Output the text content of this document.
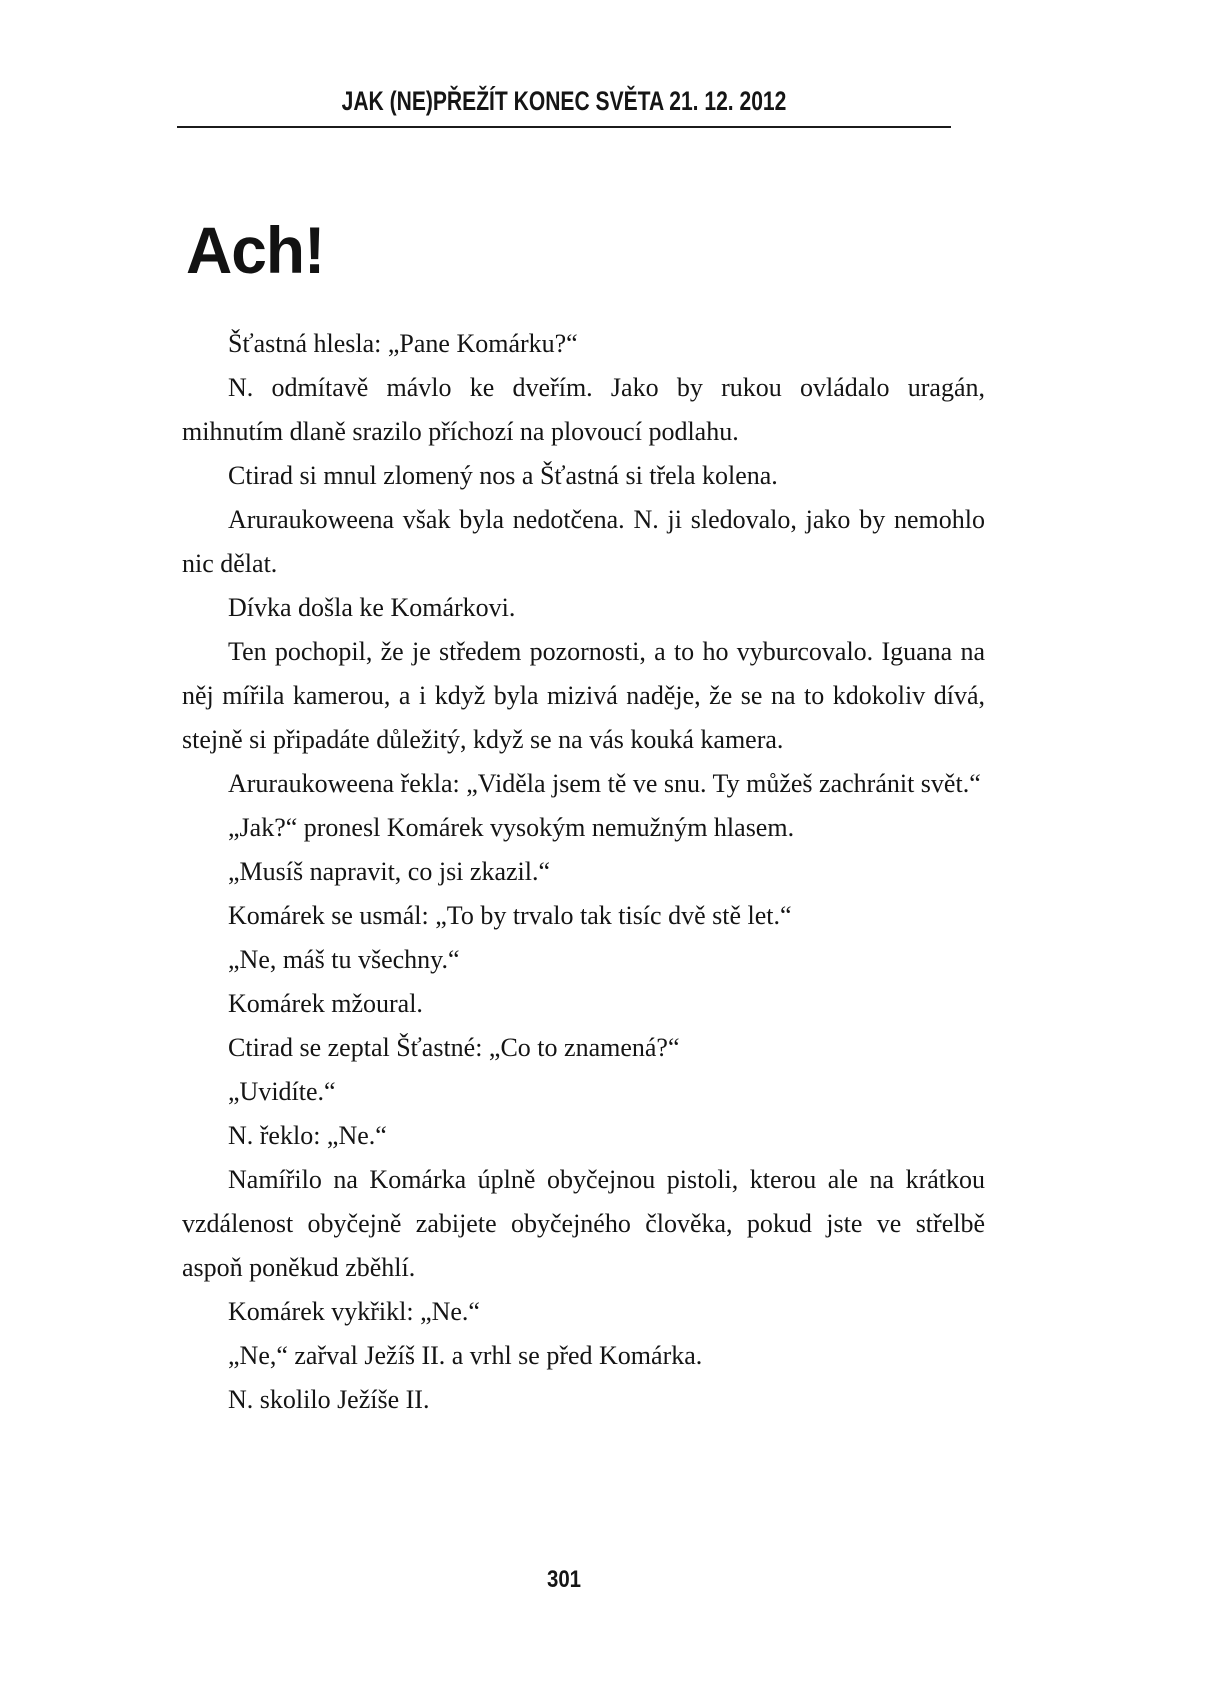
JAK (NE)PŘEŽÍT KONEC SVĚTA 21. 12. 2012
Ach!

Šťastná hlesla: „Pane Komárku?“

N. odmítavě mávlo ke dveřím. Jako by rukou ovládalo uragán, mihnutím dlaně srazilo příchozí na plovoucí podlahu.

Ctirad si mnul zlomený nos a Šťastná si třela kolena.

Aruraukoweena však byla nedotčena. N. ji sledovalo, jako by nemohlo nic dělat.

Dívka došla ke Komárkovi.

Ten pochopil, že je středem pozornosti, a to ho vyburcovalo. Iguana na něj mířila kamerou, a i když byla mizivá naděje, že se na to kdokoliv dívá, stejně si připadáte důležitý, když se na vás kouká kamera.

Aruraukoweena řekla: „Viděla jsem tě ve snu. Ty můžeš zachránit svět.“

„Jak?“ pronesl Komárek vysokým nemužným hlasem.

„Musíš napravit, co jsi zkazil.“

Komárek se usmál: „To by trvalo tak tisíc dvě stě let.“

„Ne, máš tu všechny.“

Komárek mžoural.

Ctirad se zeptal Šťastné: „Co to znamená?“

„Uvidíte.“

N. řeklo: „Ne.“

Namířilo na Komárka úplně obyčejnou pistoli, kterou ale na krátkou vzdálenost obyčejně zabijete obyčejného člověka, pokud jste ve střelbě aspoň poněkud zběhlí.

Komárek vykřikl: „Ne.“

„Ne,“ zařval Ježíš II. a vrhl se před Komárka.

N. skolilo Ježíše II.

301
